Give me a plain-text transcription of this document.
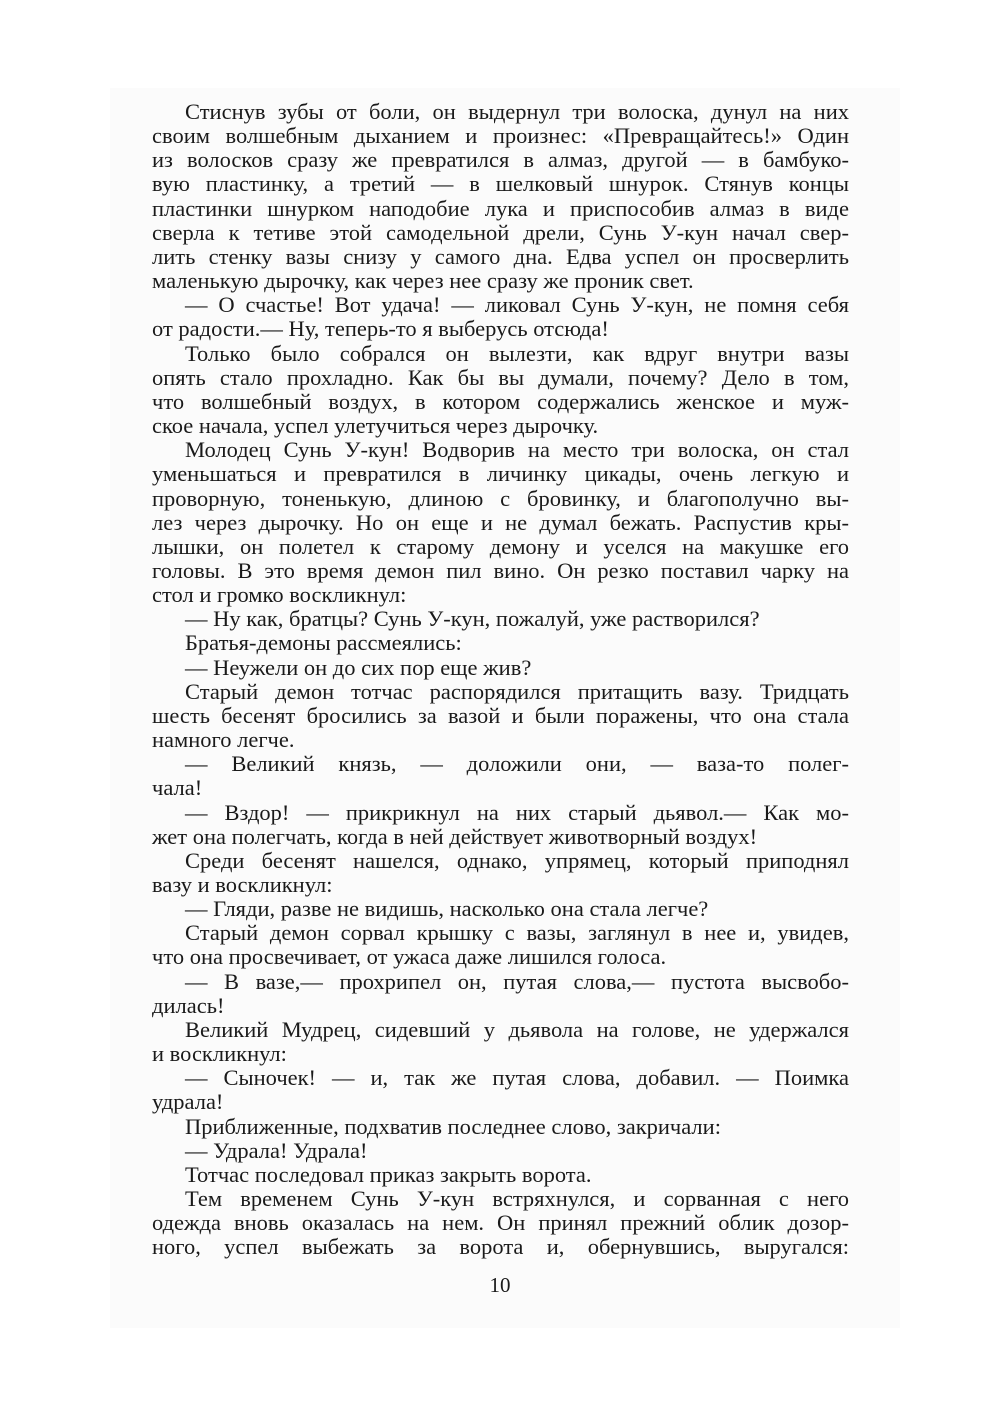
Стиснув зубы от боли, он выдернул три волоска, дунул на них
своим волшебным дыханием и произнес: «Превращайтесь!» Один
из волосков сразу же превратился в алмаз, другой — в бамбуко-
вую пластинку, а третий — в шелковый шнурок. Стянув концы
пластинки шнурком наподобие лука и приспособив алмаз в виде
сверла к тетиве этой самодельной дрели, Сунь У-кун начал свер-
лить стенку вазы снизу у самого дна. Едва успел он просверлить
маленькую дырочку, как через нее сразу же проник свет.
— О счастье! Вот удача! — ликовал Сунь У-кун, не помня себя
от радости.— Ну, теперь-то я выберусь отсюда!
Только было собрался он вылезти, как вдруг внутри вазы
опять стало прохладно. Как бы вы думали, почему? Дело в том,
что волшебный воздух, в котором содержались женское и муж-
ское начала, успел улетучиться через дырочку.
Молодец Сунь У-кун! Водворив на место три волоска, он стал
уменьшаться и превратился в личинку цикады, очень легкую и
проворную, тоненькую, длиною с бровинку, и благополучно вы-
лез через дырочку. Но он еще и не думал бежать. Распустив кры-
лышки, он полетел к старому демону и уселся на макушке его
головы. В это время демон пил вино. Он резко поставил чарку на
стол и громко воскликнул:
— Ну как, братцы? Сунь У-кун, пожалуй, уже растворился?
Братья-демоны рассмеялись:
— Неужели он до сих пор еще жив?
Старый демон тотчас распорядился притащить вазу. Тридцать
шесть бесенят бросились за вазой и были поражены, что она стала
намного легче.
— Великий князь, — доложили они, — ваза-то полег-
чала!
— Вздор! — прикрикнул на них старый дьявол.— Как мо-
жет она полегчать, когда в ней действует животворный воздух!
Среди бесенят нашелся, однако, упрямец, который приподнял
вазу и воскликнул:
— Гляди, разве не видишь, насколько она стала легче?
Старый демон сорвал крышку с вазы, заглянул в нее и, увидев,
что она просвечивает, от ужаса даже лишился голоса.
— В вазе,— прохрипел он, путая слова,— пустота высвобо-
дилась!
Великий Мудрец, сидевший у дьявола на голове, не удержался
и воскликнул:
— Сыночек! — и, так же путая слова, добавил. — Поимка
удрала!
Приближенные, подхватив последнее слово, закричали:
— Удрала! Удрала!
Тотчас последовал приказ закрыть ворота.
Тем временем Сунь У-кун встряхнулся, и сорванная с него
одежда вновь оказалась на нем. Он принял прежний облик дозор-
ного, успел выбежать за ворота и, обернувшись, выругался:
10
